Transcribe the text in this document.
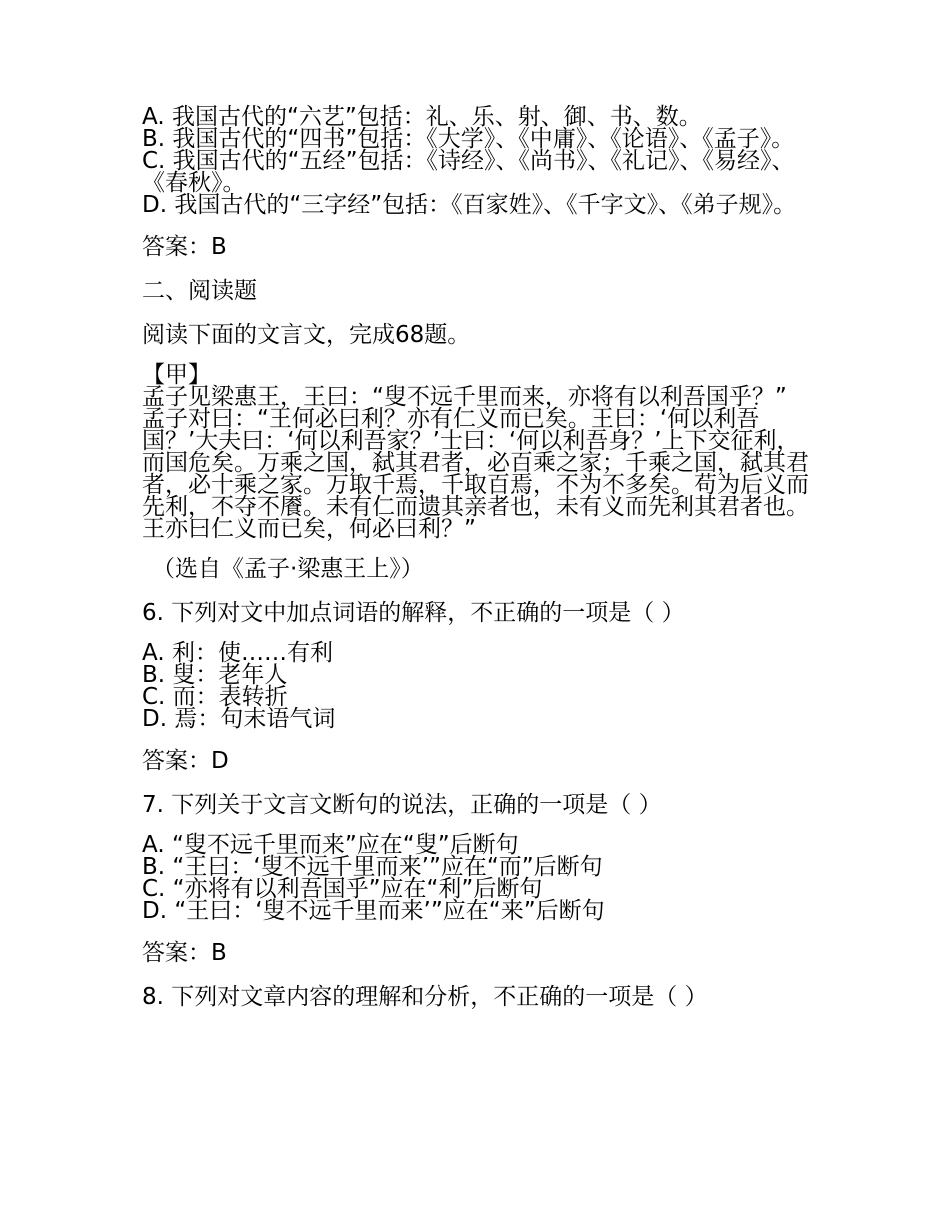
A. 我国古代的“六艺”包括：礼、乐、射、御、书、数。
B. 我国古代的“四书”包括：《大学》、《中庸》、《论语》、《孟子》。
C. 我国古代的“五经”包括：《诗经》、《尚书》、《礼记》、《易经》、《春秋》。
D. 我国古代的“三字经”包括：《百家姓》、《千字文》、《弟子规》。

答案：B

二、阅读题

阅读下面的文言文，完成68题。

【甲】
孟子见梁惠王，王曰：“叟不远千里而来，亦将有以利吾国乎？”
孟子对曰：“王何必曰利？亦有仁义而已矣。王曰：‘何以利吾国？’大夫曰：‘何以利吾家？’士曰：‘何以利吾身？’上下交征利，而国危矣。万乘之国，弑其君者，必百乘之家；千乘之国，弑其君者，必十乘之家。万取千焉，千取百焉，不为不多矣。苟为后义而先利，不夺不餍。未有仁而遗其亲者也，未有义而先利其君者也。王亦曰仁义而已矣，何必曰利？”

（选自《孟子·梁惠王上》）

6. 下列对文中加点词语的解释，不正确的一项是（ ）

A. 利：使……有利
B. 叟：老年人
C. 而：表转折
D. 焉：句末语气词

答案：D

7. 下列关于文言文断句的说法，正确的一项是（ ）

A. “叟不远千里而来”应在“叟”后断句
B. “王曰：‘叟不远千里而来’”应在“而”后断句
C. “亦将有以利吾国乎”应在“利”后断句
D. “王曰：‘叟不远千里而来’”应在“来”后断句

答案：B

8. 下列对文章内容的理解和分析，不正确的一项是（ ）
